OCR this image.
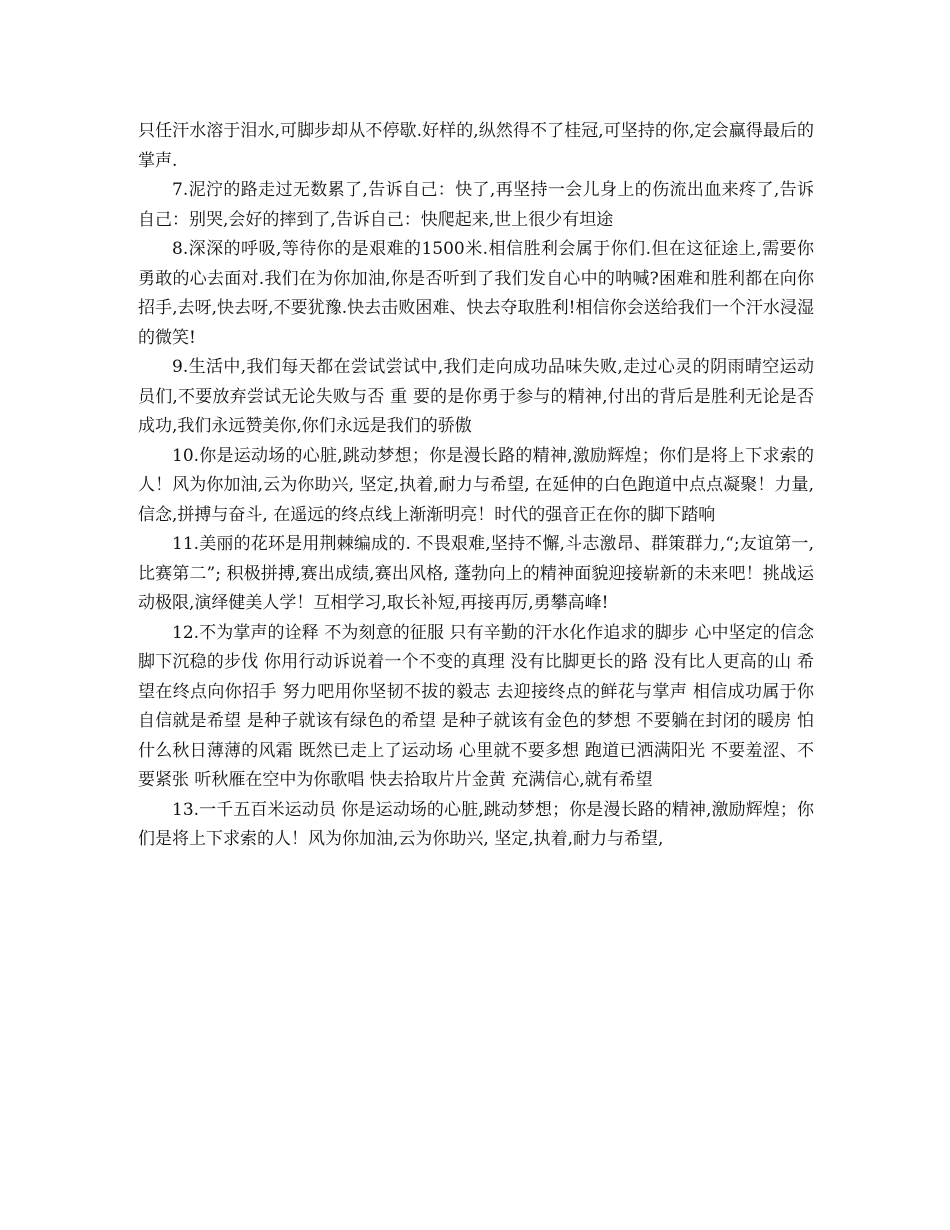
只任汗水溶于泪水,可脚步却从不停歇.好样的,纵然得不了桂冠,可坚持的你,定会赢得最后的掌声.

7.泥泞的路走过无数累了,告诉自己：快了,再坚持一会儿身上的伤流出血来疼了,告诉自己：别哭,会好的摔到了,告诉自己：快爬起来,世上很少有坦途

8.深深的呼吸,等待你的是艰难的1500米.相信胜利会属于你们.但在这征途上,需要你勇敢的心去面对.我们在为你加油,你是否听到了我们发自心中的呐喊?困难和胜利都在向你招手,去呀,快去呀,不要犹豫.快去击败困难、快去夺取胜利!相信你会送给我们一个汗水浸湿的微笑!

9.生活中,我们每天都在尝试尝试中,我们走向成功品味失败,走过心灵的阴雨晴空运动员们,不要放弃尝试无论失败与否 重 要的是你勇于参与的精神,付出的背后是胜利无论是否成功,我们永远赞美你,你们永远是我们的骄傲

10.你是运动场的心脏,跳动梦想；你是漫长路的精神,激励辉煌；你们是将上下求索的人！风为你加油,云为你助兴, 坚定,执着,耐力与希望, 在延伸的白色跑道中点点凝聚！力量,信念,拼搏与奋斗, 在遥远的终点线上渐渐明亮！时代的强音正在你的脚下踏响

11.美丽的花环是用荆棘编成的. 不畏艰难,坚持不懈,斗志激昂、群策群力,“;友谊第一,比赛第二”; 积极拼搏,赛出成绩,赛出风格, 蓬勃向上的精神面貌迎接崭新的未来吧！挑战运动极限,演绎健美人学！互相学习,取长补短,再接再厉,勇攀高峰!

12.不为掌声的诠释 不为刻意的征服 只有辛勤的汗水化作追求的脚步 心中坚定的信念 脚下沉稳的步伐 你用行动诉说着一个不变的真理 没有比脚更长的路 没有比人更高的山 希望在终点向你招手 努力吧用你坚韧不拔的毅志 去迎接终点的鲜花与掌声 相信成功属于你 自信就是希望 是种子就该有绿色的希望 是种子就该有金色的梦想 不要躺在封闭的暖房 怕什么秋日薄薄的风霜 既然已走上了运动场 心里就不要多想 跑道已洒满阳光 不要羞涩、不要紧张 听秋雁在空中为你歌唱 快去拾取片片金黄 充满信心,就有希望

13.一千五百米运动员 你是运动场的心脏,跳动梦想；你是漫长路的精神,激励辉煌；你们是将上下求索的人！风为你加油,云为你助兴, 坚定,执着,耐力与希望,
